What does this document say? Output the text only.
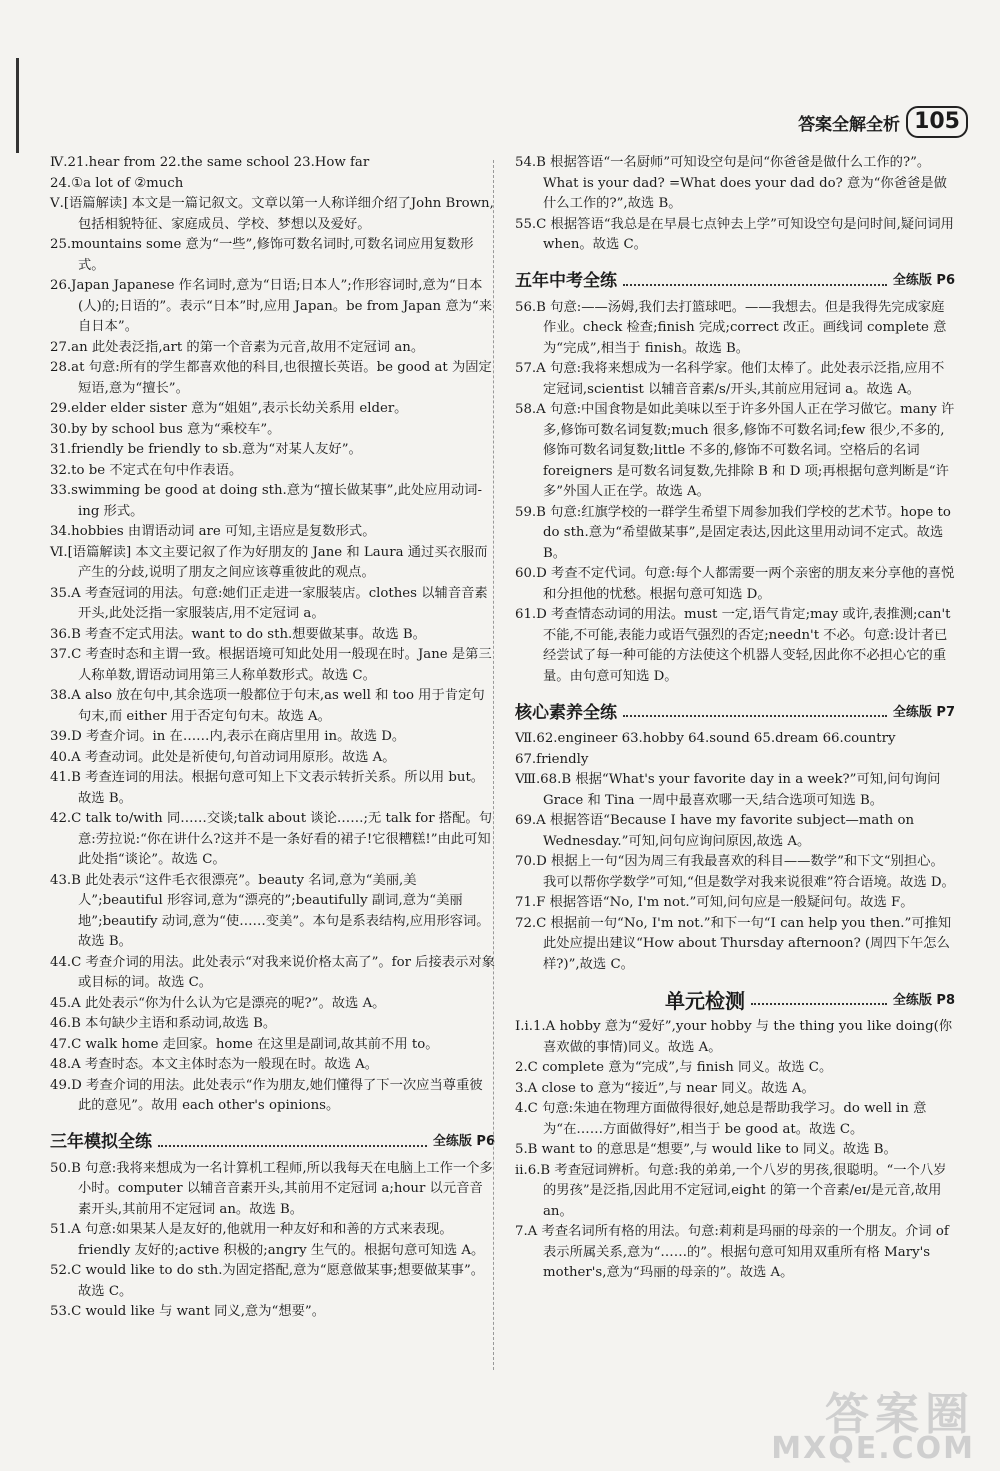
答案全解全析 105
Ⅳ.21.hear from 22.the same school 23.How far
24.①a lot of ②much
Ⅴ.[语篇解读] 本文是一篇记叙文。文章以第一人称详细介绍了John Brown,包括相貌特征、家庭成员、学校、梦想以及爱好。
25.mountains some 意为“一些”,修饰可数名词时,可数名词应用复数形式。
26.Japan Japanese 作名词时,意为“日语;日本人”;作形容词时,意为“日本(人)的;日语的”。表示“日本”时,应用 Japan。be from Japan 意为“来自日本”。
27.an 此处表泛指,art 的第一个音素为元音,故用不定冠词 an。
28.at 句意:所有的学生都喜欢他的科目,也很擅长英语。be good at 为固定短语,意为“擅长”。
29.elder elder sister 意为“姐姐”,表示长幼关系用 elder。
30.by by school bus 意为“乘校车”。
31.friendly be friendly to sb.意为“对某人友好”。
32.to be 不定式在句中作表语。
33.swimming be good at doing sth.意为“擅长做某事”,此处应用动词-ing 形式。
34.hobbies 由谓语动词 are 可知,主语应是复数形式。
Ⅵ.[语篇解读] 本文主要记叙了作为好朋友的 Jane 和 Laura 通过买衣服而产生的分歧,说明了朋友之间应该尊重彼此的观点。
35.A 考查冠词的用法。句意:她们正走进一家服装店。clothes 以辅音音素开头,此处泛指一家服装店,用不定冠词 a。
36.B 考查不定式用法。want to do sth.想要做某事。故选 B。
37.C 考查时态和主谓一致。根据语境可知此处用一般现在时。Jane 是第三人称单数,谓语动词用第三人称单数形式。故选 C。
38.A also 放在句中,其余选项一般都位于句末,as well 和 too 用于肯定句句末,而 either 用于否定句句末。故选 A。
39.D 考查介词。in 在……内,表示在商店里用 in。故选 D。
40.A 考查动词。此处是祈使句,句首动词用原形。故选 A。
41.B 考查连词的用法。根据句意可知上下文表示转折关系。所以用 but。故选 B。
42.C talk to/with 同……交谈;talk about 谈论……;无 talk for 搭配。句意:劳拉说:“你在讲什么?这并不是一条好看的裙子!它很糟糕!”由此可知此处指“谈论”。故选 C。
43.B 此处表示“这件毛衣很漂亮”。beauty 名词,意为“美丽,美人”;beautiful 形容词,意为“漂亮的”;beautifully 副词,意为“美丽地”;beautify 动词,意为“使……变美”。本句是系表结构,应用形容词。故选 B。
44.C 考查介词的用法。此处表示“对我来说价格太高了”。for 后接表示对象或目标的词。故选 C。
45.A 此处表示“你为什么认为它是漂亮的呢?”。故选 A。
46.B 本句缺少主语和系动词,故选 B。
47.C walk home 走回家。home 在这里是副词,故其前不用 to。
48.A 考查时态。本文主体时态为一般现在时。故选 A。
49.D 考查介词的用法。此处表示“作为朋友,她们懂得了下一次应当尊重彼此的意见”。故用 each other's opinions。
三年模拟全练	全练版 P6
50.B 句意:我将来想成为一名计算机工程师,所以我每天在电脑上工作一个多小时。computer 以辅音音素开头,其前用不定冠词 a;hour 以元音音素开头,其前用不定冠词 an。故选 B。
51.A 句意:如果某人是友好的,他就用一种友好和和善的方式来表现。friendly 友好的;active 积极的;angry 生气的。根据句意可知选 A。
52.C would like to do sth.为固定搭配,意为“愿意做某事;想要做某事”。故选 C。
53.C would like 与 want 同义,意为“想要”。
54.B 根据答语“一名厨师”可知设空句是问“你爸爸是做什么工作的?”。What is your dad? =What does your dad do? 意为“你爸爸是做什么工作的?”,故选 B。
55.C 根据答语“我总是在早晨七点钟去上学”可知设空句是问时间,疑问词用 when。故选 C。
五年中考全练	全练版 P6
56.B 句意:——汤姆,我们去打篮球吧。——我想去。但是我得先完成家庭作业。check 检查;finish 完成;correct 改正。画线词 complete 意为“完成”,相当于 finish。故选 B。
57.A 句意:我将来想成为一名科学家。他们太棒了。此处表示泛指,应用不定冠词,scientist 以辅音音素/s/开头,其前应用冠词 a。故选 A。
58.A 句意:中国食物是如此美味以至于许多外国人正在学习做它。many 许多,修饰可数名词复数;much 很多,修饰不可数名词;few 很少,不多的,修饰可数名词复数;little 不多的,修饰不可数名词。空格后的名词 foreigners 是可数名词复数,先排除 B 和 D 项;再根据句意判断是“许多”外国人正在学。故选 A。
59.B 句意:红旗学校的一群学生希望下周参加我们学校的艺术节。hope to do sth.意为“希望做某事”,是固定表达,因此这里用动词不定式。故选 B。
60.D 考查不定代词。句意:每个人都需要一两个亲密的朋友来分享他的喜悦和分担他的忧愁。根据句意可知选 D。
61.D 考查情态动词的用法。must 一定,语气肯定;may 或许,表推测;can't 不能,不可能,表能力或语气强烈的否定;needn't 不必。句意:设计者已经尝试了每一种可能的方法使这个机器人变轻,因此你不必担心它的重量。由句意可知选 D。
核心素养全练	全练版 P7
Ⅶ.62.engineer 63.hobby 64.sound 65.dream 66.country
67.friendly
Ⅷ.68.B 根据“What's your favorite day in a week?”可知,问句询问 Grace 和 Tina 一周中最喜欢哪一天,结合选项可知选 B。
69.A 根据答语“Because I have my favorite subject—math on Wednesday.”可知,问句应询问原因,故选 A。
70.D 根据上一句“因为周三有我最喜欢的科目——数学”和下文“别担心。我可以帮你学数学”可知,“但是数学对我来说很难”符合语境。故选 D。
71.F 根据答语“No, I'm not.”可知,问句应是一般疑问句。故选 F。
72.C 根据前一句“No, I'm not.”和下一句“I can help you then.”可推知此处应提出建议“How about Thursday afternoon? (周四下午怎么样?)”,故选 C。
单元检测	全练版 P8
Ⅰ.ⅰ.1.A hobby 意为“爱好”,your hobby 与 the thing you like doing(你喜欢做的事情)同义。故选 A。
2.C complete 意为“完成”,与 finish 同义。故选 C。
3.A close to 意为“接近”,与 near 同义。故选 A。
4.C 句意:朱迪在物理方面做得很好,她总是帮助我学习。do well in 意为“在……方面做得好”,相当于 be good at。故选 C。
5.B want to 的意思是“想要”,与 would like to 同义。故选 B。
ⅱ.6.B 考查冠词辨析。句意:我的弟弟,一个八岁的男孩,很聪明。“一个八岁的男孩”是泛指,因此用不定冠词,eight 的第一个音素/eɪ/是元音,故用 an。
7.A 考查名词所有格的用法。句意:莉莉是玛丽的母亲的一个朋友。介词 of 表示所属关系,意为“……的”。根据句意可知用双重所有格 Mary's mother's,意为“玛丽的母亲的”。故选 A。
答案圈
MXQE.COM
